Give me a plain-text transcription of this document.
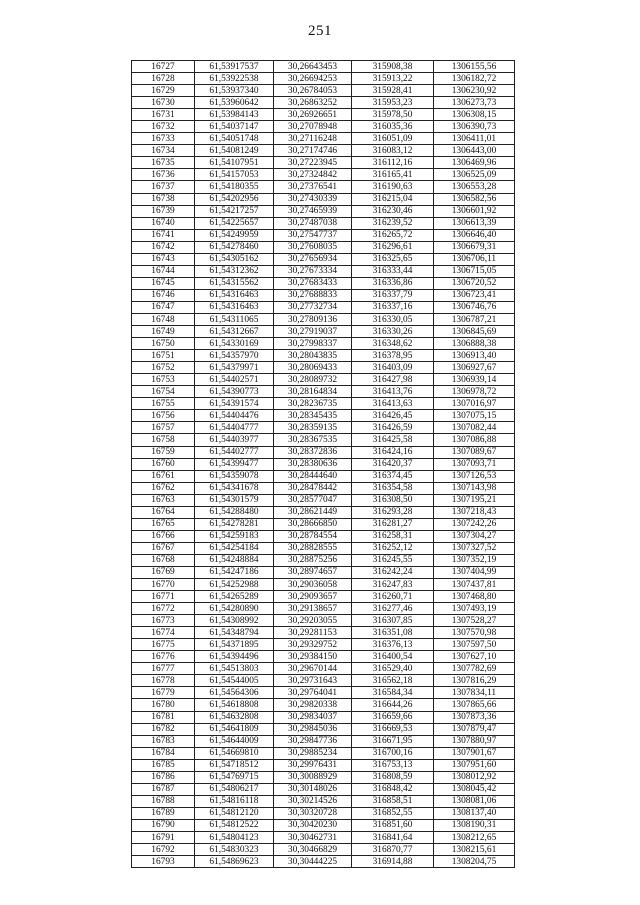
251
16727	61,53917537	30,26643453	315908,38	1306155,56
16728	61,53922538	30,26694253	315913,22	1306182,72
16729	61,53937340	30,26784053	315928,41	1306230,92
16730	61,53960642	30,26863252	315953,23	1306273,73
16731	61,53984143	30,26926651	315978,50	1306308,15
16732	61,54037147	30,27078948	316035,36	1306390,73
16733	61,54051748	30,27116248	316051,09	1306411,01
16734	61,54081249	30,27174746	316083,12	1306443,00
16735	61,54107951	30,27223945	316112,16	1306469,96
16736	61,54157053	30,27324842	316165,41	1306525,09
16737	61,54180355	30,27376541	316190,63	1306553,28
16738	61,54202956	30,27430339	316215,04	1306582,56
16739	61,54217257	30,27465939	316230,46	1306601,92
16740	61,54225657	30,27487038	316239,52	1306613,39
16741	61,54249959	30,27547737	316265,72	1306646,40
16742	61,54278460	30,27608035	316296,61	1306679,31
16743	61,54305162	30,27656934	316325,65	1306706,11
16744	61,54312362	30,27673334	316333,44	1306715,05
16745	61,54315562	30,27683433	316336,86	1306720,52
16746	61,54316463	30,27688833	316337,79	1306723,41
16747	61,54316463	30,27732734	316337,16	1306746,76
16748	61,54311065	30,27809136	316330,05	1306787,21
16749	61,54312667	30,27919037	316330,26	1306845,69
16750	61,54330169	30,27998337	316348,62	1306888,38
16751	61,54357970	30,28043835	316378,95	1306913,40
16752	61,54379971	30,28069433	316403,09	1306927,67
16753	61,54402571	30,28089732	316427,98	1306939,14
16754	61,54390773	30,28164834	316413,76	1306978,72
16755	61,54391574	30,28236735	316413,63	1307016,97
16756	61,54404476	30,28345435	316426,45	1307075,15
16757	61,54404777	30,28359135	316426,59	1307082,44
16758	61,54403977	30,28367535	316425,58	1307086,88
16759	61,54402777	30,28372836	316424,16	1307089,67
16760	61,54399477	30,28380636	316420,37	1307093,71
16761	61,54359078	30,28444640	316374,45	1307126,53
16762	61,54341678	30,28478442	316354,58	1307143,98
16763	61,54301579	30,28577047	316308,50	1307195,21
16764	61,54288480	30,28621449	316293,28	1307218,43
16765	61,54278281	30,28666850	316281,27	1307242,26
16766	61,54259183	30,28784554	316258,31	1307304,27
16767	61,54254184	30,28828555	316252,12	1307327,52
16768	61,54248884	30,28875256	316245,55	1307352,19
16769	61,54247186	30,28974657	316242,24	1307404,99
16770	61,54252988	30,29036058	316247,83	1307437,81
16771	61,54265289	30,29093657	316260,71	1307468,80
16772	61,54280890	30,29138657	316277,46	1307493,19
16773	61,54308992	30,29203055	316307,85	1307528,27
16774	61,54348794	30,29281153	316351,08	1307570,98
16775	61,54371895	30,29329752	316376,13	1307597,50
16776	61,54394496	30,29384150	316400,54	1307627,10
16777	61,54513803	30,29670144	316529,40	1307782,69
16778	61,54544005	30,29731643	316562,18	1307816,29
16779	61,54564306	30,29764041	316584,34	1307834,11
16780	61,54618808	30,29820338	316644,26	1307865,66
16781	61,54632808	30,29834037	316659,66	1307873,36
16782	61,54641809	30,29845036	316669,53	1307879,47
16783	61,54644009	30,29847736	316671,95	1307880,97
16784	61,54669810	30,29885234	316700,16	1307901,67
16785	61,54718512	30,29976431	316753,13	1307951,60
16786	61,54769715	30,30088929	316808,59	1308012,92
16787	61,54806217	30,30148026	316848,42	1308045,42
16788	61,54816118	30,30214526	316858,51	1308081,06
16789	61,54812120	30,30320728	316852,55	1308137,40
16790	61,54812522	30,30420230	316851,60	1308190,31
16791	61,54804123	30,30462731	316841,64	1308212,65
16792	61,54830323	30,30466829	316870,77	1308215,61
16793	61,54869623	30,30444225	316914,88	1308204,75
